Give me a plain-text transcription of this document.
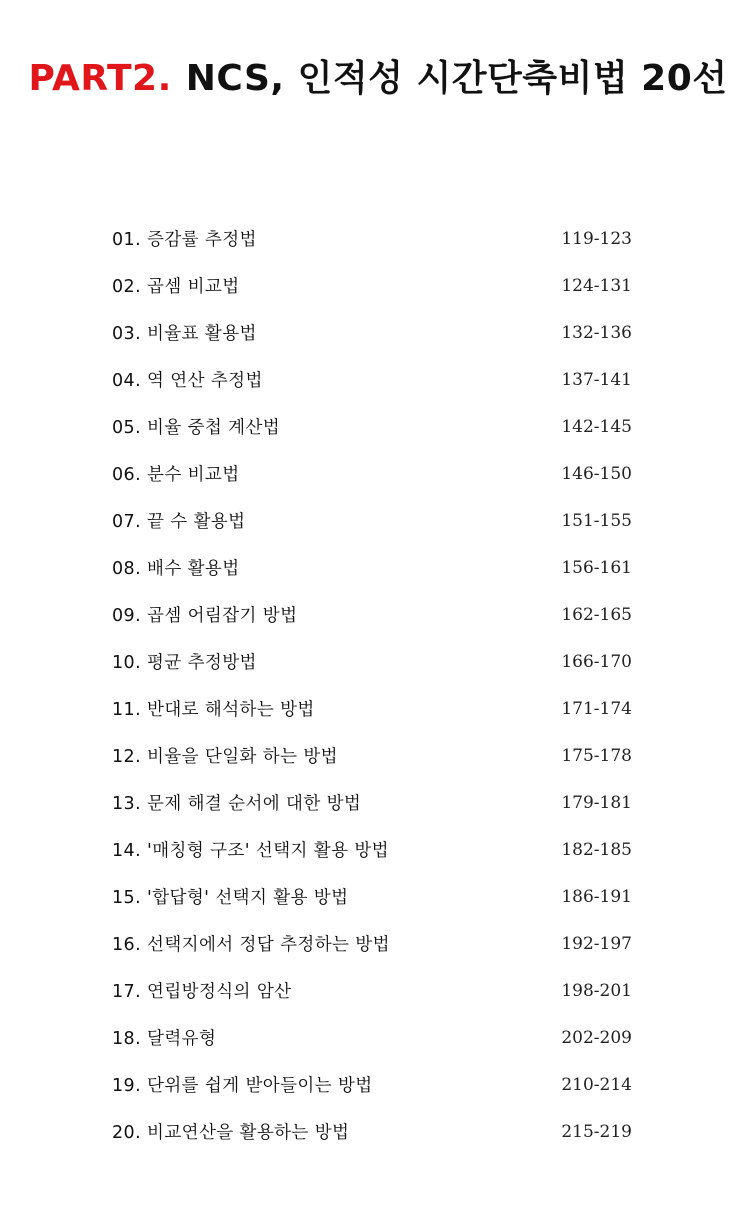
PART2. NCS, 인적성 시간단축비법 20선
01. 증감률 추정법	119-123
02. 곱셈 비교법	124-131
03. 비율표 활용법	132-136
04. 역 연산 추정법	137-141
05. 비율 중첩 계산법	142-145
06. 분수 비교법	146-150
07. 끝 수 활용법	151-155
08. 배수 활용법	156-161
09. 곱셈 어림잡기 방법	162-165
10. 평균 추정방법	166-170
11. 반대로 해석하는 방법	171-174
12. 비율을 단일화 하는 방법	175-178
13. 문제 해결 순서에 대한 방법	179-181
14. '매칭형 구조' 선택지 활용 방법	182-185
15. '합답형' 선택지 활용 방법	186-191
16. 선택지에서 정답 추정하는 방법	192-197
17. 연립방정식의 암산	198-201
18. 달력유형	202-209
19. 단위를 쉽게 받아들이는 방법	210-214
20. 비교연산을 활용하는 방법	215-219
